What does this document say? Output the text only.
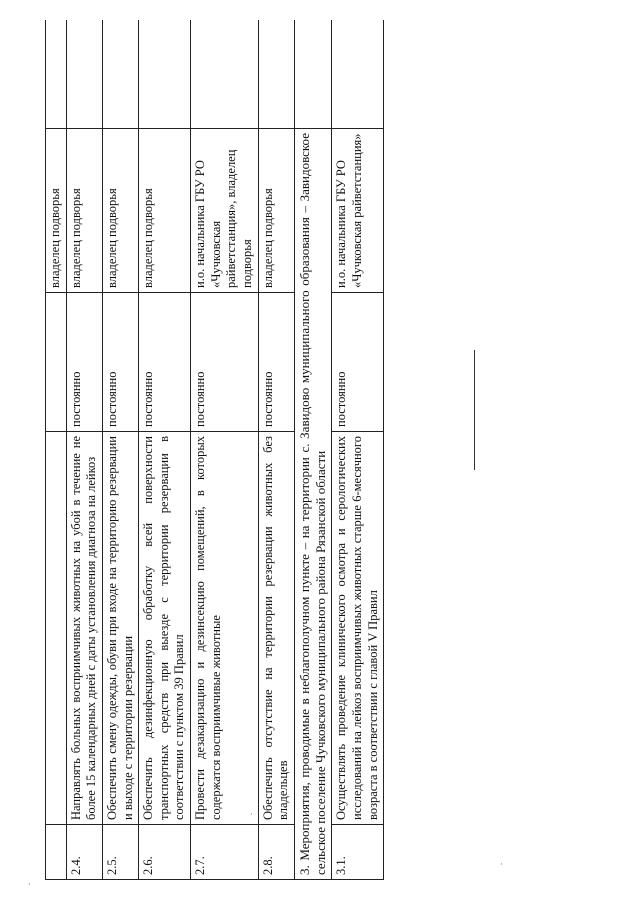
			владелец подворья	
2.4.	Направлять больных восприимчивых животных на убой в течение не более 15 календарных дней с даты установления диагноза на лейкоз	постоянно	владелец подворья	
2.5.	Обеспечить смену одежды, обуви при входе на территорию резервации и выходе с территории резервации	постоянно	владелец подворья	
2.6.	Обеспечить дезинфекционную обработку всей поверхности транспортных средств при выезде с территории резервации в соответствии с пунктом 39 Правил	постоянно	владелец подворья	
2.7.	Провести дезакаризацию и дезинсекцию помещений, в которых содержатся восприимчивые животные	постоянно	и.о. начальника ГБУ РО «Чучковская райветстанция», владелец подворья	
2.8.	Обеспечить отсутствие на территории резервации животных без владельцев	постоянно	владелец подворья	
3. Мероприятия, проводимые в неблагополучном пункте – на территории с. Завидово муниципального образования – Завидовское сельское поселение Чучковского муниципального района Рязанской области				
3.1.	Осуществлять проведение клинического осмотра и серологических исследований на лейкоз восприимчивых животных старше 6-месячного возраста в соответствии с главой V Правил	постоянно	и.о. начальника ГБУ РО «Чучковская райветстанция»	
·
·
·
